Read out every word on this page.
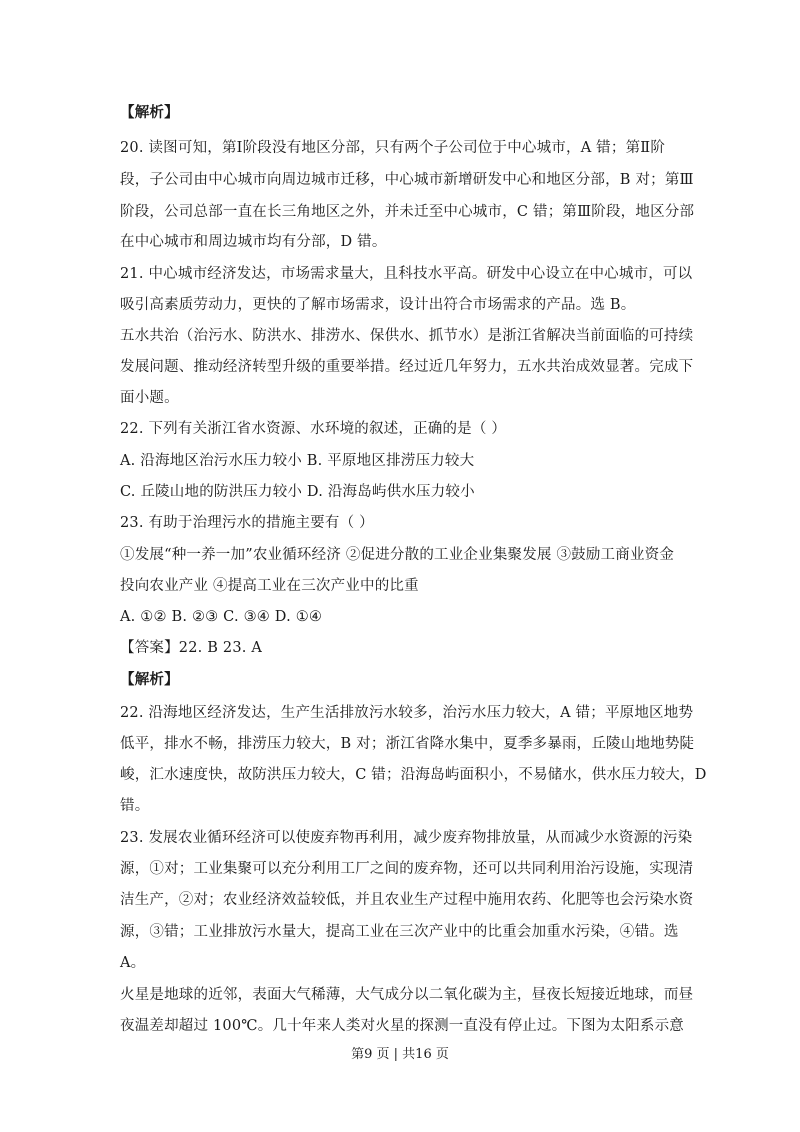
【解析】
20. 读图可知，第Ⅰ阶段没有地区分部，只有两个子公司位于中心城市，A 错；第Ⅱ阶
段，子公司由中心城市向周边城市迁移，中心城市新增研发中心和地区分部，B 对；第Ⅲ
阶段，公司总部一直在长三角地区之外，并未迁至中心城市，C 错；第Ⅲ阶段，地区分部
在中心城市和周边城市均有分部，D 错。
21. 中心城市经济发达，市场需求量大，且科技水平高。研发中心设立在中心城市，可以
吸引高素质劳动力，更快的了解市场需求，设计出符合市场需求的产品。选 B。
五水共治（治污水、防洪水、排涝水、保供水、抓节水）是浙江省解决当前面临的可持续
发展问题、推动经济转型升级的重要举措。经过近几年努力，五水共治成效显著。完成下
面小题。
22. 下列有关浙江省水资源、水环境的叙述，正确的是（ ）
A. 沿海地区治污水压力较小 B. 平原地区排涝压力较大
C. 丘陵山地的防洪压力较小 D. 沿海岛屿供水压力较小
23. 有助于治理污水的措施主要有（ ）
①发展“种一养一加”农业循环经济 ②促进分散的工业企业集聚发展 ③鼓励工商业资金
投向农业产业 ④提高工业在三次产业中的比重
A. ①② B. ②③ C. ③④ D. ①④
【答案】22. B 23. A
【解析】
22. 沿海地区经济发达，生产生活排放污水较多，治污水压力较大，A 错；平原地区地势
低平，排水不畅，排涝压力较大，B 对；浙江省降水集中，夏季多暴雨，丘陵山地地势陡
峻，汇水速度快，故防洪压力较大，C 错；沿海岛屿面积小，不易储水，供水压力较大，D
错。
23. 发展农业循环经济可以使废弃物再利用，减少废弃物排放量，从而减少水资源的污染
源，①对；工业集聚可以充分利用工厂之间的废弃物，还可以共同利用治污设施，实现清
洁生产，②对；农业经济效益较低，并且农业生产过程中施用农药、化肥等也会污染水资
源，③错；工业排放污水量大，提高工业在三次产业中的比重会加重水污染，④错。选
A。
火星是地球的近邻，表面大气稀薄，大气成分以二氧化碳为主，昼夜长短接近地球，而昼
夜温差却超过 100℃。几十年来人类对火星的探测一直没有停止过。下图为太阳系示意
第9 页 | 共16 页
